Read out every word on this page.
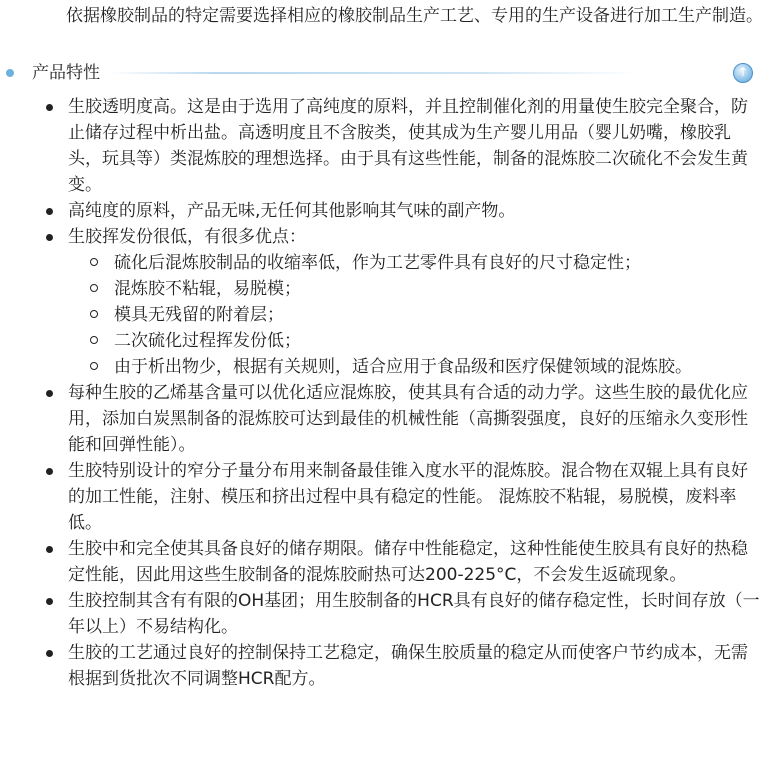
依据橡胶制品的特定需要选择相应的橡胶制品生产工艺、专用的生产设备进行加工生产制造。

产品特性	↑
生胶透明度高。这是由于选用了高纯度的原料，并且控制催化剂的用量使生胶完全聚合，防止储存过程中析出盐。高透明度且不含胺类，使其成为生产婴儿用品（婴儿奶嘴，橡胶乳头，玩具等）类混炼胶的理想选择。由于具有这些性能，制备的混炼胶二次硫化不会发生黄变。
高纯度的原料，产品无味,无任何其他影响其气味的副产物。
生胶挥发份很低，有很多优点：
硫化后混炼胶制品的收缩率低，作为工艺零件具有良好的尺寸稳定性；
混炼胶不粘辊，易脱模；
模具无残留的附着层；
二次硫化过程挥发份低；
由于析出物少，根据有关规则，适合应用于食品级和医疗保健领域的混炼胶。
每种生胶的乙烯基含量可以优化适应混炼胶，使其具有合适的动力学。这些生胶的最优化应用，添加白炭黑制备的混炼胶可达到最佳的机械性能（高撕裂强度，良好的压缩永久变形性能和回弹性能）。
生胶特别设计的窄分子量分布用来制备最佳锥入度水平的混炼胶。混合物在双辊上具有良好的加工性能，注射、模压和挤出过程中具有稳定的性能。 混炼胶不粘辊，易脱模，废料率低。
生胶中和完全使其具备良好的储存期限。储存中性能稳定，这种性能使生胶具有良好的热稳定性能，因此用这些生胶制备的混炼胶耐热可达200-225°C，不会发生返硫现象。
生胶控制其含有有限的OH基团；用生胶制备的HCR具有良好的储存稳定性，长时间存放（一年以上）不易结构化。
生胶的工艺通过良好的控制保持工艺稳定，确保生胶质量的稳定从而使客户节约成本，无需根据到货批次不同调整HCR配方。
